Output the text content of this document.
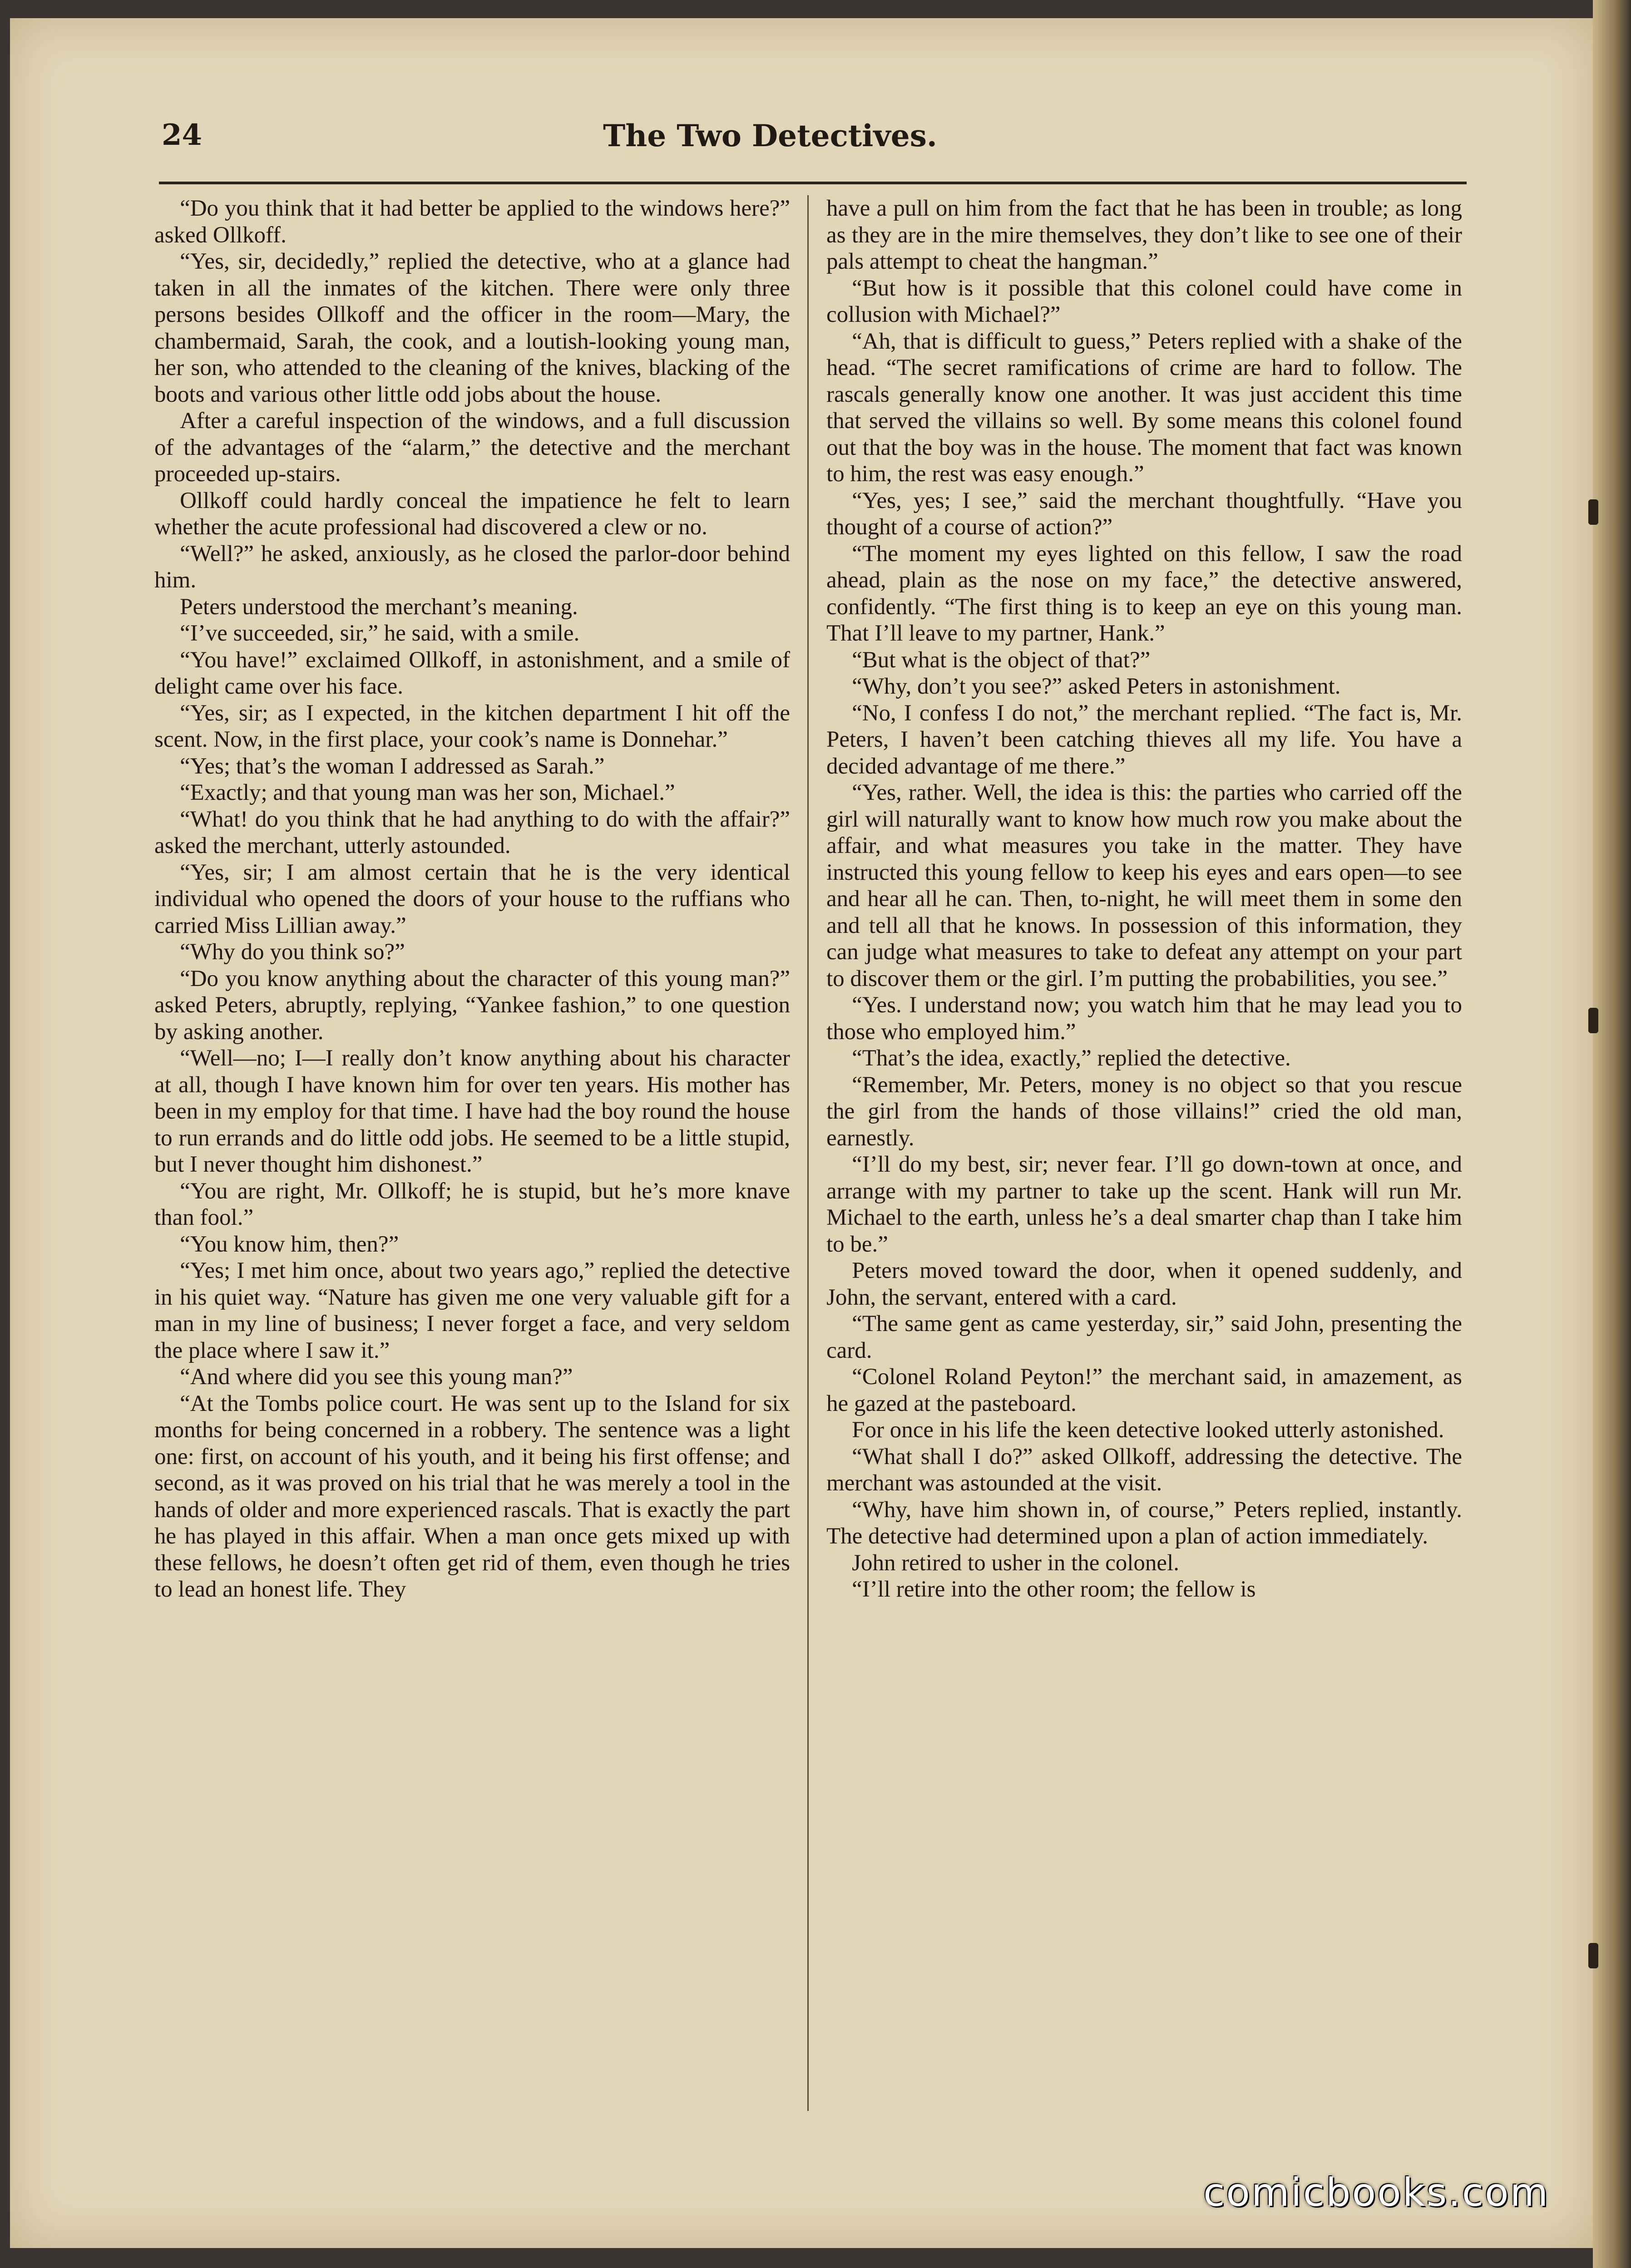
24	The Two Detectives.

“Do you think that it had better be applied to the windows here?” asked Ollkoff.

“Yes, sir, decidedly,” replied the detective, who at a glance had taken in all the inmates of the kitchen. There were only three persons besides Ollkoff and the officer in the room—Mary, the chambermaid, Sarah, the cook, and a loutish-looking young man, her son, who attended to the cleaning of the knives, blacking of the boots and various other little odd jobs about the house.

After a careful inspection of the windows, and a full discussion of the advantages of the “alarm,” the detective and the merchant proceeded up-stairs.

Ollkoff could hardly conceal the impatience he felt to learn whether the acute professional had discovered a clew or no.

“Well?” he asked, anxiously, as he closed the parlor-door behind him.

Peters understood the merchant’s meaning.

“I’ve succeeded, sir,” he said, with a smile.

“You have!” exclaimed Ollkoff, in astonishment, and a smile of delight came over his face.

“Yes, sir; as I expected, in the kitchen department I hit off the scent. Now, in the first place, your cook’s name is Donnehar.”

“Yes; that’s the woman I addressed as Sarah.”

“Exactly; and that young man was her son, Michael.”

“What! do you think that he had anything to do with the affair?” asked the merchant, utterly astounded.

“Yes, sir; I am almost certain that he is the very identical individual who opened the doors of your house to the ruffians who carried Miss Lillian away.”

“Why do you think so?”

“Do you know anything about the character of this young man?” asked Peters, abruptly, replying, “Yankee fashion,” to one question by asking another.

“Well—no; I—I really don’t know anything about his character at all, though I have known him for over ten years. His mother has been in my employ for that time. I have had the boy round the house to run errands and do little odd jobs. He seemed to be a little stupid, but I never thought him dishonest.”

“You are right, Mr. Ollkoff; he is stupid, but he’s more knave than fool.”

“You know him, then?”

“Yes; I met him once, about two years ago,” replied the detective in his quiet way. “Nature has given me one very valuable gift for a man in my line of business; I never forget a face, and very seldom the place where I saw it.”

“And where did you see this young man?”

“At the Tombs police court. He was sent up to the Island for six months for being concerned in a robbery. The sentence was a light one: first, on account of his youth, and it being his first offense; and second, as it was proved on his trial that he was merely a tool in the hands of older and more experienced rascals. That is exactly the part he has played in this affair. When a man once gets mixed up with these fellows, he doesn’t often get rid of them, even though he tries to lead an honest life. They

have a pull on him from the fact that he has been in trouble; as long as they are in the mire themselves, they don’t like to see one of their pals attempt to cheat the hangman.”

“But how is it possible that this colonel could have come in collusion with Michael?”

“Ah, that is difficult to guess,” Peters replied with a shake of the head. “The secret ramifications of crime are hard to follow. The rascals generally know one another. It was just accident this time that served the villains so well. By some means this colonel found out that the boy was in the house. The moment that fact was known to him, the rest was easy enough.”

“Yes, yes; I see,” said the merchant thoughtfully. “Have you thought of a course of action?”

“The moment my eyes lighted on this fellow, I saw the road ahead, plain as the nose on my face,” the detective answered, confidently. “The first thing is to keep an eye on this young man. That I’ll leave to my partner, Hank.”

“But what is the object of that?”

“Why, don’t you see?” asked Peters in astonishment.

“No, I confess I do not,” the merchant replied. “The fact is, Mr. Peters, I haven’t been catching thieves all my life. You have a decided advantage of me there.”

“Yes, rather. Well, the idea is this: the parties who carried off the girl will naturally want to know how much row you make about the affair, and what measures you take in the matter. They have instructed this young fellow to keep his eyes and ears open—to see and hear all he can. Then, to-night, he will meet them in some den and tell all that he knows. In possession of this information, they can judge what measures to take to defeat any attempt on your part to discover them or the girl. I’m putting the probabilities, you see.”

“Yes. I understand now; you watch him that he may lead you to those who employed him.”

“That’s the idea, exactly,” replied the detective.

“Remember, Mr. Peters, money is no object so that you rescue the girl from the hands of those villains!” cried the old man, earnestly.

“I’ll do my best, sir; never fear. I’ll go down-town at once, and arrange with my partner to take up the scent. Hank will run Mr. Michael to the earth, unless he’s a deal smarter chap than I take him to be.”

Peters moved toward the door, when it opened suddenly, and John, the servant, entered with a card.

“The same gent as came yesterday, sir,” said John, presenting the card.

“Colonel Roland Peyton!” the merchant said, in amazement, as he gazed at the pasteboard.

For once in his life the keen detective looked utterly astonished.

“What shall I do?” asked Ollkoff, addressing the detective. The merchant was astounded at the visit.

“Why, have him shown in, of course,” Peters replied, instantly. The detective had determined upon a plan of action immediately.

John retired to usher in the colonel.

“I’ll retire into the other room; the fellow is

comicbooks.com
